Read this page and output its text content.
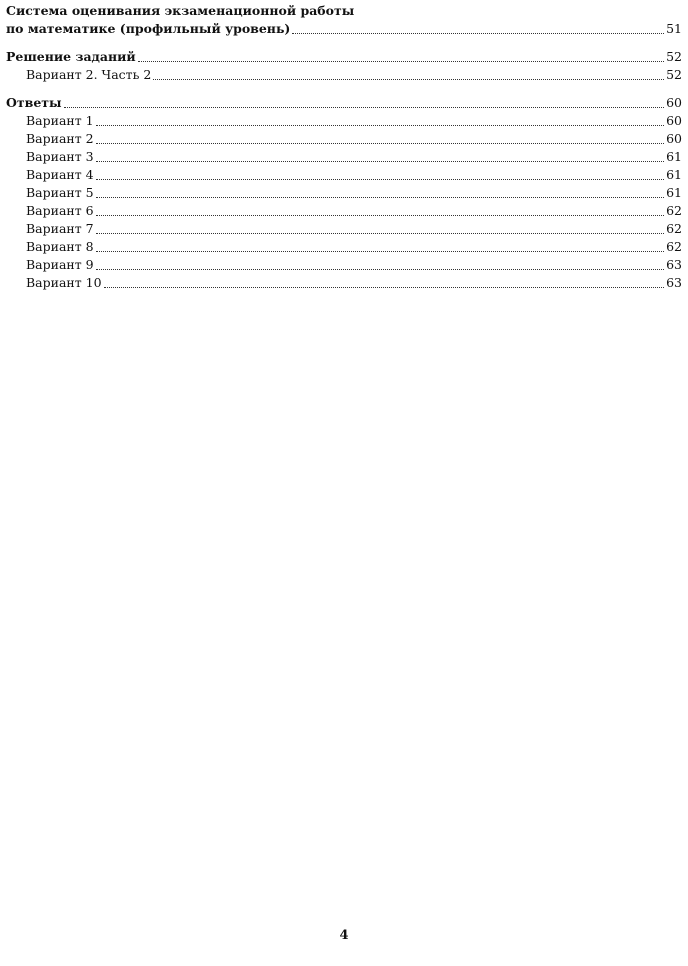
Система оценивания экзаменационной работы
по математике (профильный уровень)	51
Решение заданий	52
Вариант 2. Часть 2	52
Ответы	60
Вариант 1	60
Вариант 2	60
Вариант 3	61
Вариант 4	61
Вариант 5	61
Вариант 6	62
Вариант 7	62
Вариант 8	62
Вариант 9	63
Вариант 10	63
4
